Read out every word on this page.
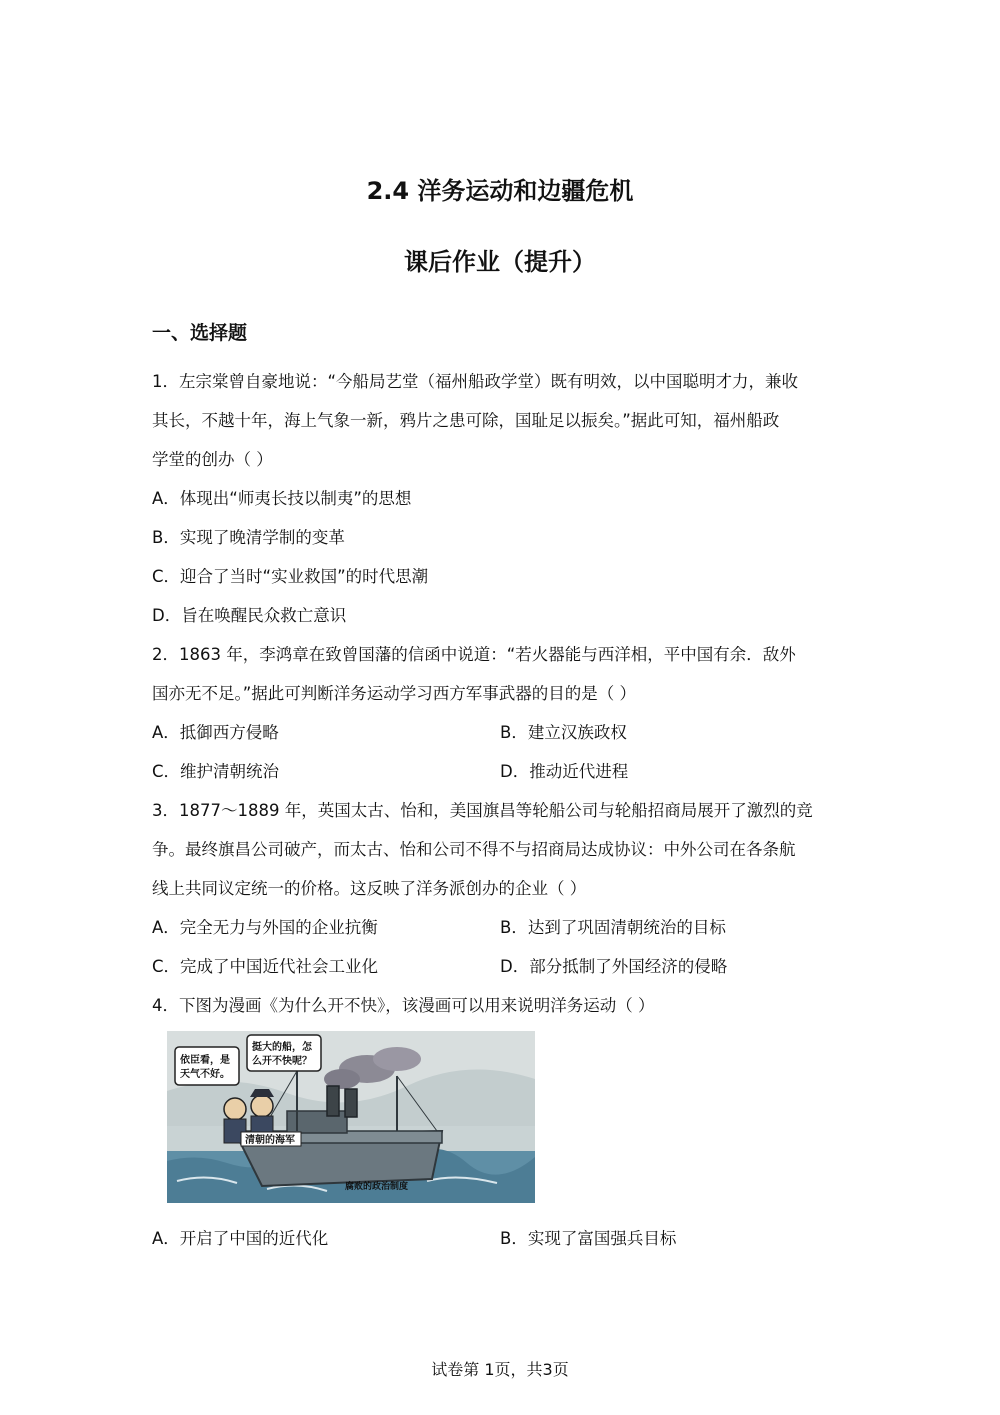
2.4 洋务运动和边疆危机
课后作业（提升）
一、选择题
1．左宗棠曾自豪地说：“今船局艺堂（福州船政学堂）既有明效，以中国聪明才力，兼收
其长，不越十年，海上气象一新，鸦片之患可除，国耻足以振矣。”据此可知，福州船政
学堂的创办（ ）
A．体现出“师夷长技以制夷”的思想
B．实现了晚清学制的变革
C．迎合了当时“实业救国”的时代思潮
D．旨在唤醒民众救亡意识
2．1863 年，李鸿章在致曾国藩的信函中说道：“若火器能与西洋相，平中国有余．敌外
国亦无不足。”据此可判断洋务运动学习西方军事武器的目的是（ ）
A．抵御西方侵略	B．建立汉族政权
C．维护清朝统治	D．推动近代进程
3．1877～1889 年，英国太古、怡和，美国旗昌等轮船公司与轮船招商局展开了激烈的竞
争。最终旗昌公司破产，而太古、怡和公司不得不与招商局达成协议：中外公司在各条航
线上共同议定统一的价格。这反映了洋务派创办的企业（ ）
A．完全无力与外国的企业抗衡	B．达到了巩固清朝统治的目标
C．完成了中国近代社会工业化	D．部分抵制了外国经济的侵略
4．下图为漫画《为什么开不快》，该漫画可以用来说明洋务运动（ ）
依臣看，是
天气不好。
挺大的船，怎
么开不快呢？
清朝的海军
腐败的政治制度
A．开启了中国的近代化	B．实现了富国强兵目标
试卷第 1页，共3页
